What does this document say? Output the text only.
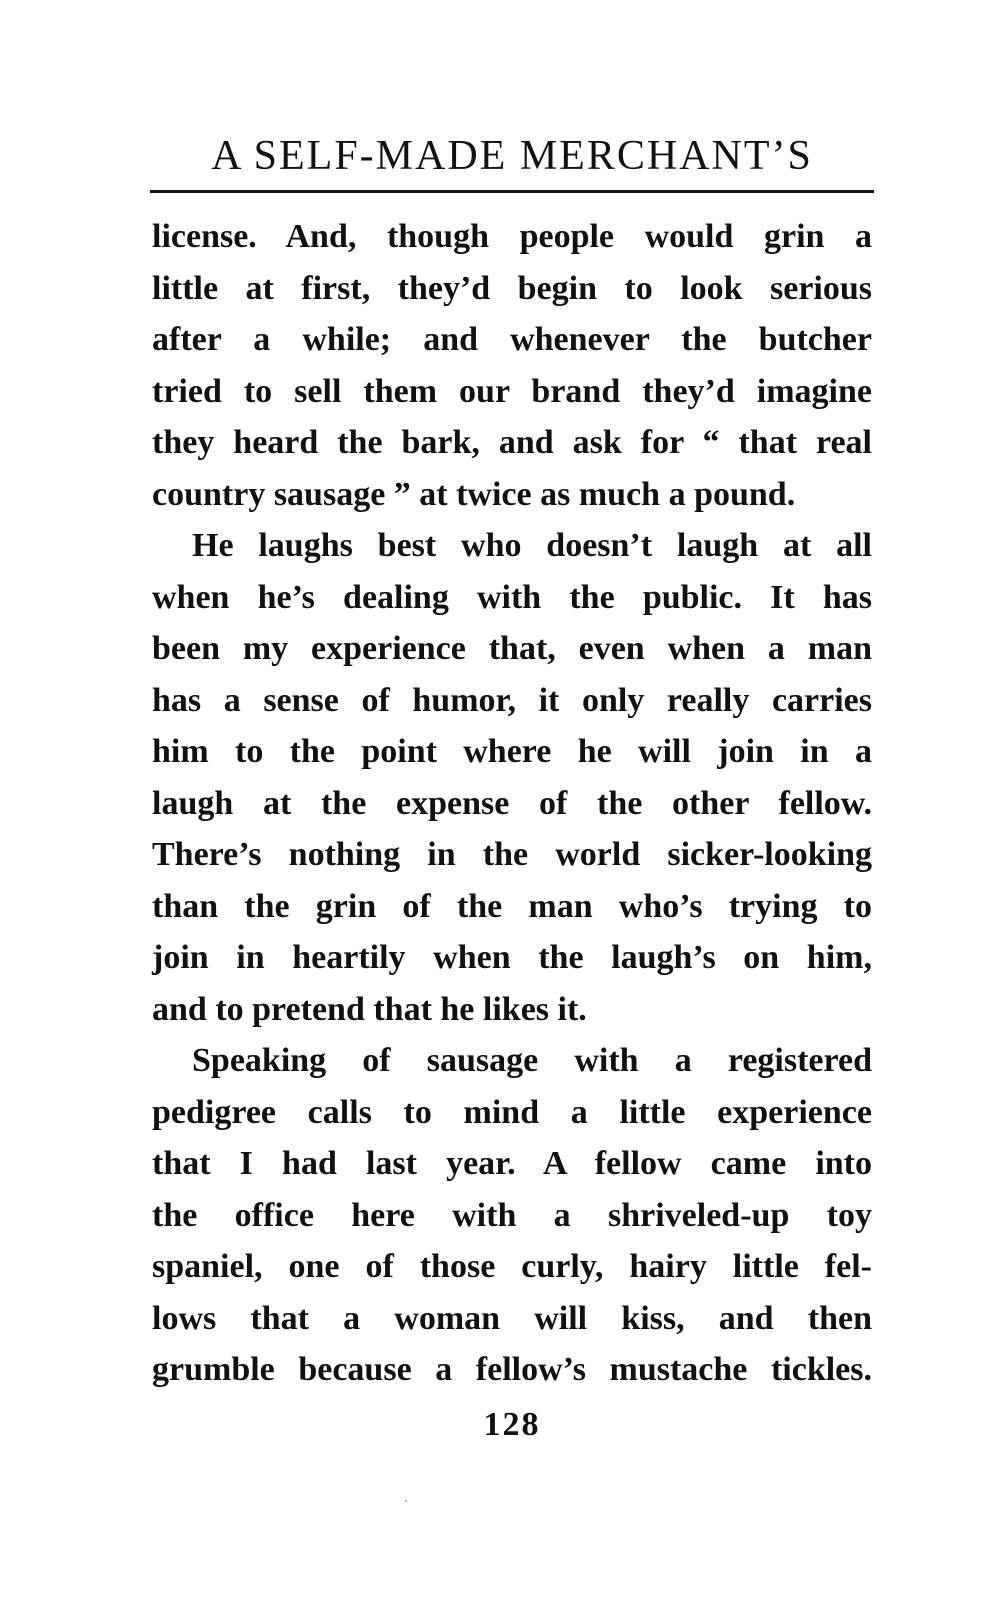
A SELF-MADE MERCHANT’S
license. And, though people would grin a
little at first, they’d begin to look serious
after a while; and whenever the butcher
tried to sell them our brand they’d imagine
they heard the bark, and ask for “ that real
country sausage ” at twice as much a pound.
He laughs best who doesn’t laugh at all
when he’s dealing with the public. It has
been my experience that, even when a man
has a sense of humor, it only really carries
him to the point where he will join in a
laugh at the expense of the other fellow.
There’s nothing in the world sicker-looking
than the grin of the man who’s trying to
join in heartily when the laugh’s on him,
and to pretend that he likes it.
Speaking of sausage with a registered
pedigree calls to mind a little experience
that I had last year. A fellow came into
the office here with a shriveled-up toy
spaniel, one of those curly, hairy little fel-
lows that a woman will kiss, and then
grumble because a fellow’s mustache tickles.
128
